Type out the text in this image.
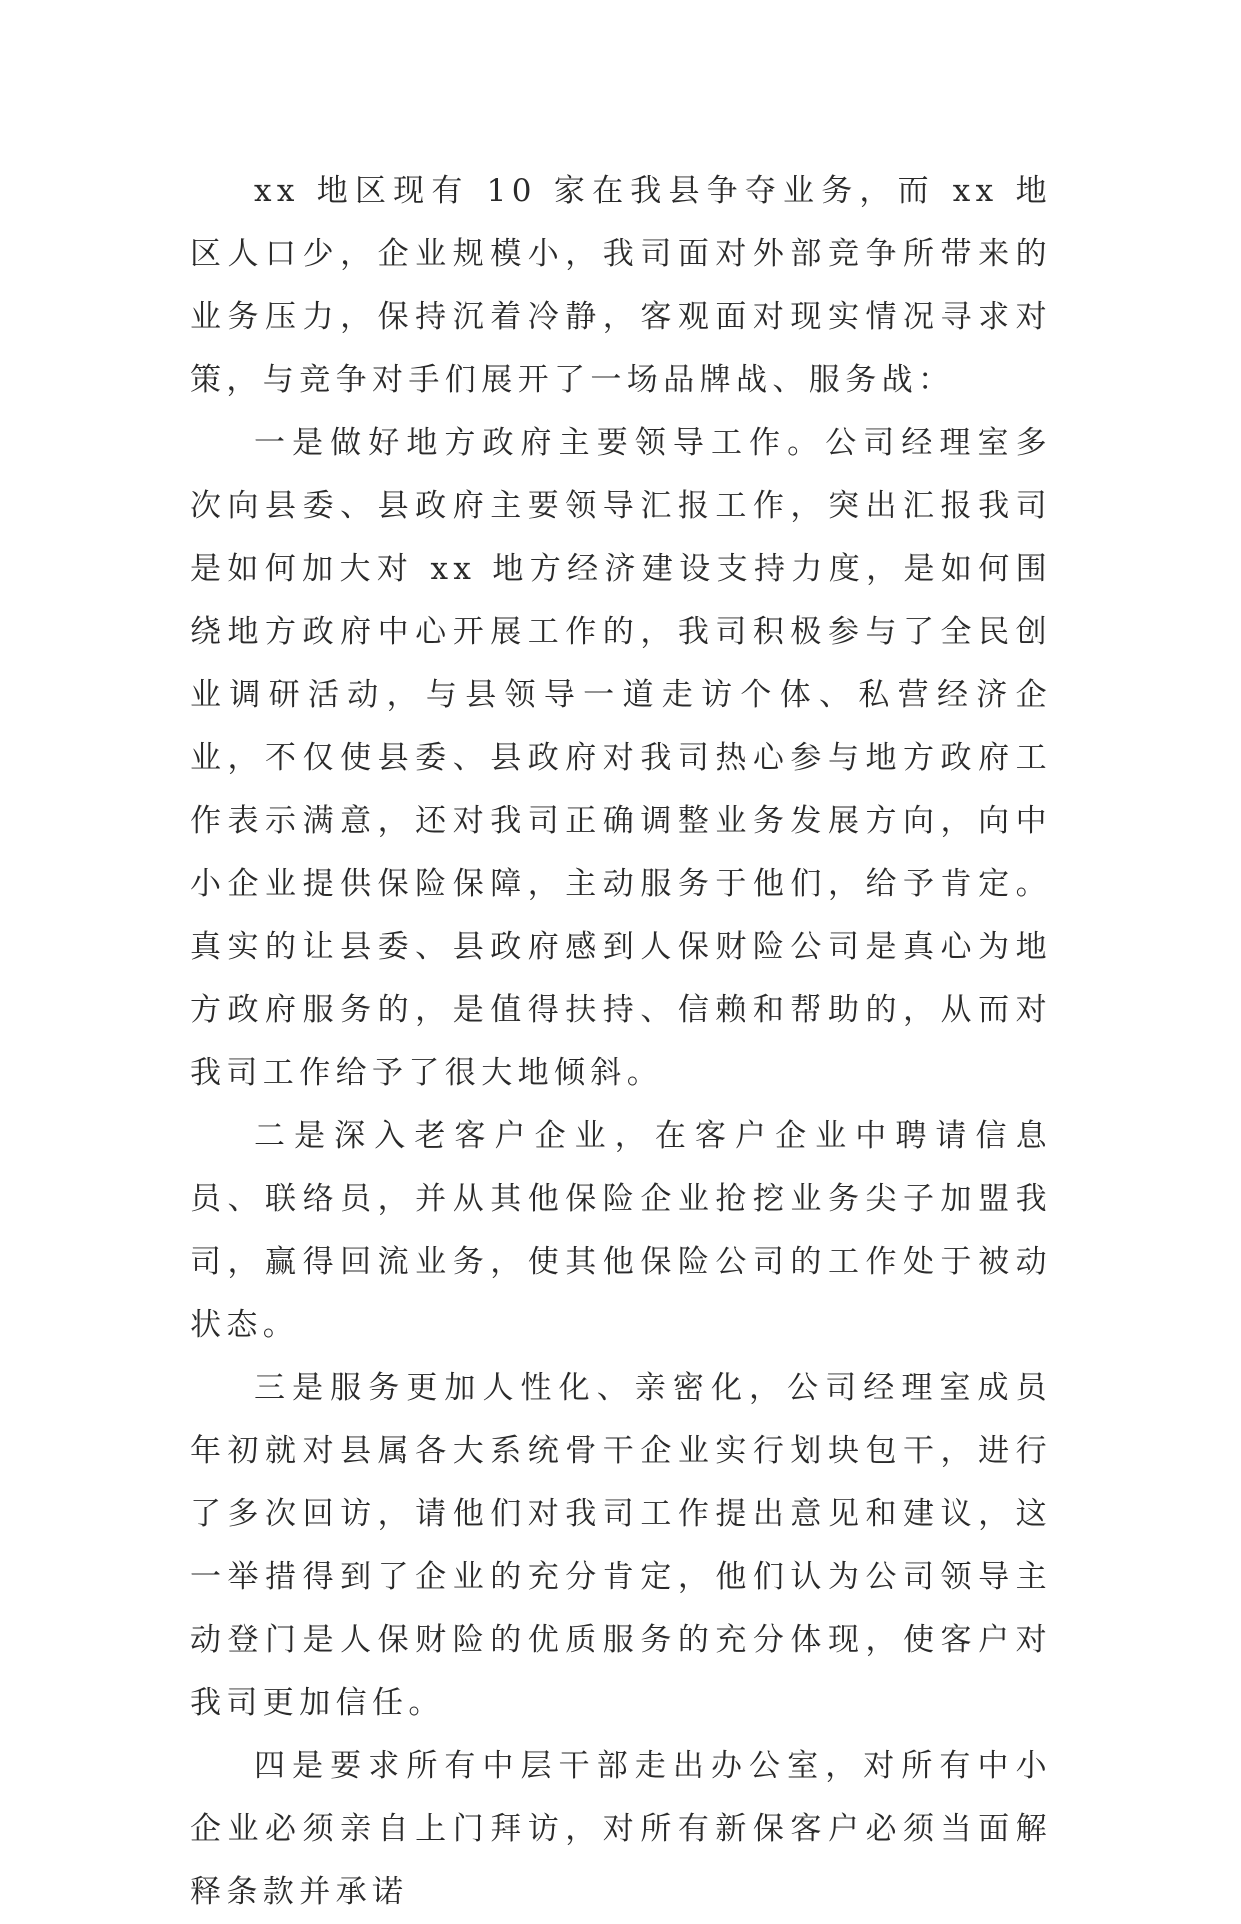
xx 地区现有 10 家在我县争夺业务，而 xx 地区人口少，企业规模小，我司面对外部竞争所带来的业务压力，保持沉着冷静，客观面对现实情况寻求对策，与竞争对手们展开了一场品牌战、服务战：

一是做好地方政府主要领导工作。公司经理室多次向县委、县政府主要领导汇报工作，突出汇报我司是如何加大对 xx 地方经济建设支持力度，是如何围绕地方政府中心开展工作的，我司积极参与了全民创业调研活动，与县领导一道走访个体、私营经济企业，不仅使县委、县政府对我司热心参与地方政府工作表示满意，还对我司正确调整业务发展方向，向中小企业提供保险保障，主动服务于他们，给予肯定。真实的让县委、县政府感到人保财险公司是真心为地方政府服务的，是值得扶持、信赖和帮助的，从而对我司工作给予了很大地倾斜。

二是深入老客户企业，在客户企业中聘请信息员、联络员，并从其他保险企业抢挖业务尖子加盟我司，赢得回流业务，使其他保险公司的工作处于被动状态。

三是服务更加人性化、亲密化，公司经理室成员年初就对县属各大系统骨干企业实行划块包干，进行了多次回访，请他们对我司工作提出意见和建议，这一举措得到了企业的充分肯定，他们认为公司领导主动登门是人保财险的优质服务的充分体现，使客户对我司更加信任。

四是要求所有中层干部走出办公室，对所有中小企业必须亲自上门拜访，对所有新保客户必须当面解释条款并承诺
